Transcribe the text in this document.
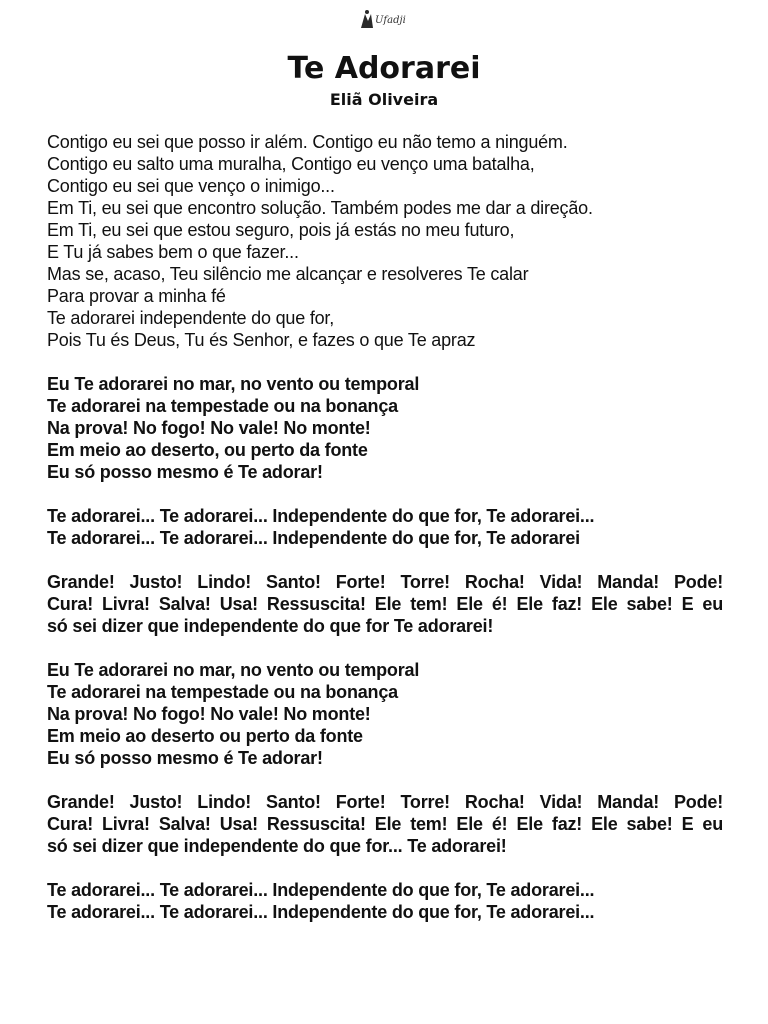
Ufadji
Te Adorarei
Eliã Oliveira
Contigo eu sei que posso ir além. Contigo eu não temo a ninguém.
Contigo eu salto uma muralha, Contigo eu venço uma batalha,
Contigo eu sei que venço o inimigo...
Em Ti, eu sei que encontro solução. Também podes me dar a direção.
Em Ti, eu sei que estou seguro, pois já estás no meu futuro,
E Tu já sabes bem o que fazer...
Mas se, acaso, Teu silêncio me alcançar e resolveres Te calar
Para provar a minha fé
Te adorarei independente do que for,
Pois Tu és Deus, Tu és Senhor, e fazes o que Te apraz
Eu Te adorarei no mar, no vento ou temporal
Te adorarei na tempestade ou na bonança
Na prova! No fogo! No vale! No monte!
Em meio ao deserto, ou perto da fonte
Eu só posso mesmo é Te adorar!
Te adorarei... Te adorarei... Independente do que for, Te adorarei...
Te adorarei... Te adorarei... Independente do que for, Te adorarei
Grande! Justo! Lindo! Santo! Forte! Torre! Rocha! Vida! Manda! Pode!
Cura! Livra! Salva! Usa! Ressuscita! Ele tem! Ele é! Ele faz! Ele sabe! E eu
só sei dizer que independente do que for Te adorarei!
Eu Te adorarei no mar, no vento ou temporal
Te adorarei na tempestade ou na bonança
Na prova! No fogo! No vale! No monte!
Em meio ao deserto ou perto da fonte
Eu só posso mesmo é Te adorar!
Grande! Justo! Lindo! Santo! Forte! Torre! Rocha! Vida! Manda! Pode!
Cura! Livra! Salva! Usa! Ressuscita! Ele tem! Ele é! Ele faz! Ele sabe! E eu
só sei dizer que independente do que for... Te adorarei!
Te adorarei... Te adorarei... Independente do que for, Te adorarei...
Te adorarei... Te adorarei... Independente do que for, Te adorarei...
